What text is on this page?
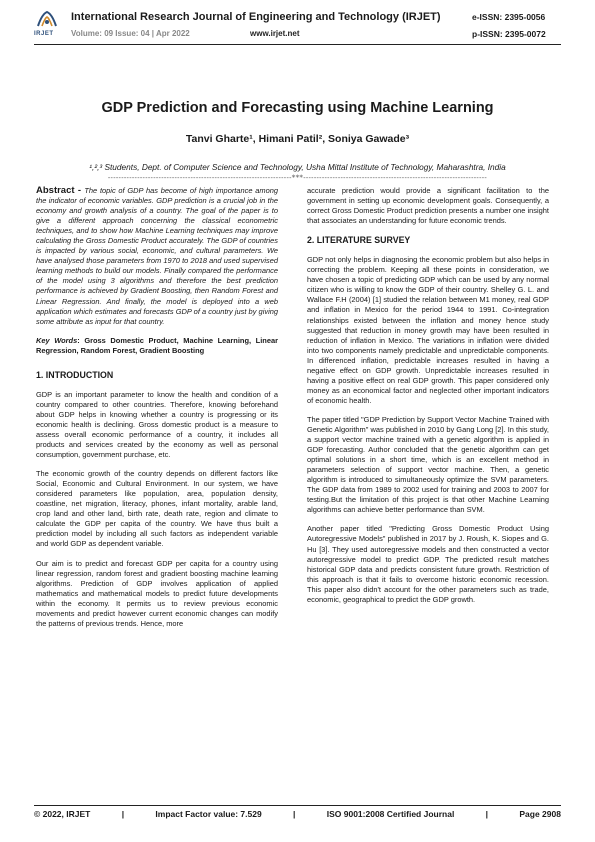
IRJET
International Research Journal of Engineering and Technology (IRJET)
Volume: 09 Issue: 04 | Apr 2022	www.irjet.net
e-ISSN: 2395-0056
p-ISSN: 2395-0072
GDP Prediction and Forecasting using Machine Learning
Tanvi Gharte¹, Himani Patil², Soniya Gawade³
¹,²,³ Students, Dept. of Computer Science and Technology, Usha Mittal Institute of Technology, Maharashtra, India
---------------------------------------------------------------------***---------------------------------------------------------------------

Abstract - The topic of GDP has become of high importance among the indicator of economic variables. GDP prediction is a crucial job in the economy and growth analysis of a country. The goal of the paper is to give a different approach concerning the classical econometric techniques, and to show how Machine Learning techniques may improve calculating the Gross Domestic Product accurately. The GDP of countries is impacted by various social, economic, and cultural parameters. We have analysed those parameters from 1970 to 2018 and used supervised learning methods to build our models. Finally compared the performance of the model using 3 algorithms and therefore the best prediction performance is achieved by Gradient Boosting, then Random Forest and Linear Regression. And finally, the model is deployed into a web application which estimates and forecasts GDP of a country just by giving some attribute as input for that country.

Key Words: Gross Domestic Product, Machine Learning, Linear Regression, Random Forest, Gradient Boosting

1. INTRODUCTION

GDP is an important parameter to know the health and condition of a country compared to other countries. Therefore, knowing beforehand about GDP helps in knowing whether a country is progressing or its economic health is declining. Gross domestic product is a measure to assess overall economic performance of a country, it includes all products and services created by the economy as well as personal consumption, government purchase, etc.

The economic growth of the country depends on different factors like Social, Economic and Cultural Environment. In our system, we have considered parameters like population, area, population density, coastline, net migration, literacy, phones, infant mortality, arable land, crop land and other land, birth rate, death rate, region and climate to calculate the GDP per capita of the country. We have thus built a prediction model by including all such factors as independent variable and world GDP as dependent variable.

Our aim is to predict and forecast GDP per capita for a country using linear regression, random forest and gradient boosting machine learning algorithms. Prediction of GDP involves application of applied mathematics and mathematical models to predict future developments within the economy. It permits us to review previous economic movements and predict however current economic changes can modify the patterns of previous trends. Hence, more

accurate prediction would provide a significant facilitation to the government in setting up economic development goals. Consequently, a correct Gross Domestic Product prediction presents a number one insight that associates an understanding for future economic trends.

2. LITERATURE SURVEY

GDP not only helps in diagnosing the economic problem but also helps in correcting the problem. Keeping all these points in consideration, we have chosen a topic of predicting GDP which can be used by any normal citizen who is willing to know the GDP of their country. Shelley G. L. and Wallace F.H (2004) [1] studied the relation between M1 money, real GDP and inflation in Mexico for the period 1944 to 1991. Co-integration relationships existed between the inflation and money hence study suggested that reduction in money growth may have been resulted in reduction of inflation in Mexico. The variations in inflation were divided into two components namely predictable and unpredictable components. In differenced inflation, predictable increases resulted in having a negative effect on GDP growth. Unpredictable increases resulted in having a positive effect on real GDP growth. This paper considered only money as an economical factor and neglected other important indicators of economic health.

The paper titled "GDP Prediction by Support Vector Machine Trained with Genetic Algorithm" was published in 2010 by Gang Long [2]. In this study, a support vector machine trained with a genetic algorithm is applied in GDP forecasting. Author concluded that the genetic algorithm can get optimal solutions in a short time, which is an excellent method in parameters selection of support vector machine. Then, a genetic algorithm is introduced to simultaneously optimize the SVM parameters. The GDP data from 1989 to 2002 used for training and 2003 to 2007 for testing.But the limitation of this project is that other Machine Learning algorithms can achieve better performance than SVM.

Another paper titled "Predicting Gross Domestic Product Using Autoregressive Models" published in 2017 by J. Roush, K. Siopes and G. Hu [3]. They used autoregressive models and then constructed a vector autoregressive model to predict GDP. The predicted result matches historical GDP data and predicts consistent future growth. Restriction of this approach is that it fails to overcome historic economic recession. This paper also didn't account for the other parameters such as trade, economic, geographical to predict the GDP growth.

© 2022, IRJET	|	Impact Factor value: 7.529	|	ISO 9001:2008 Certified Journal	|	Page 2908
